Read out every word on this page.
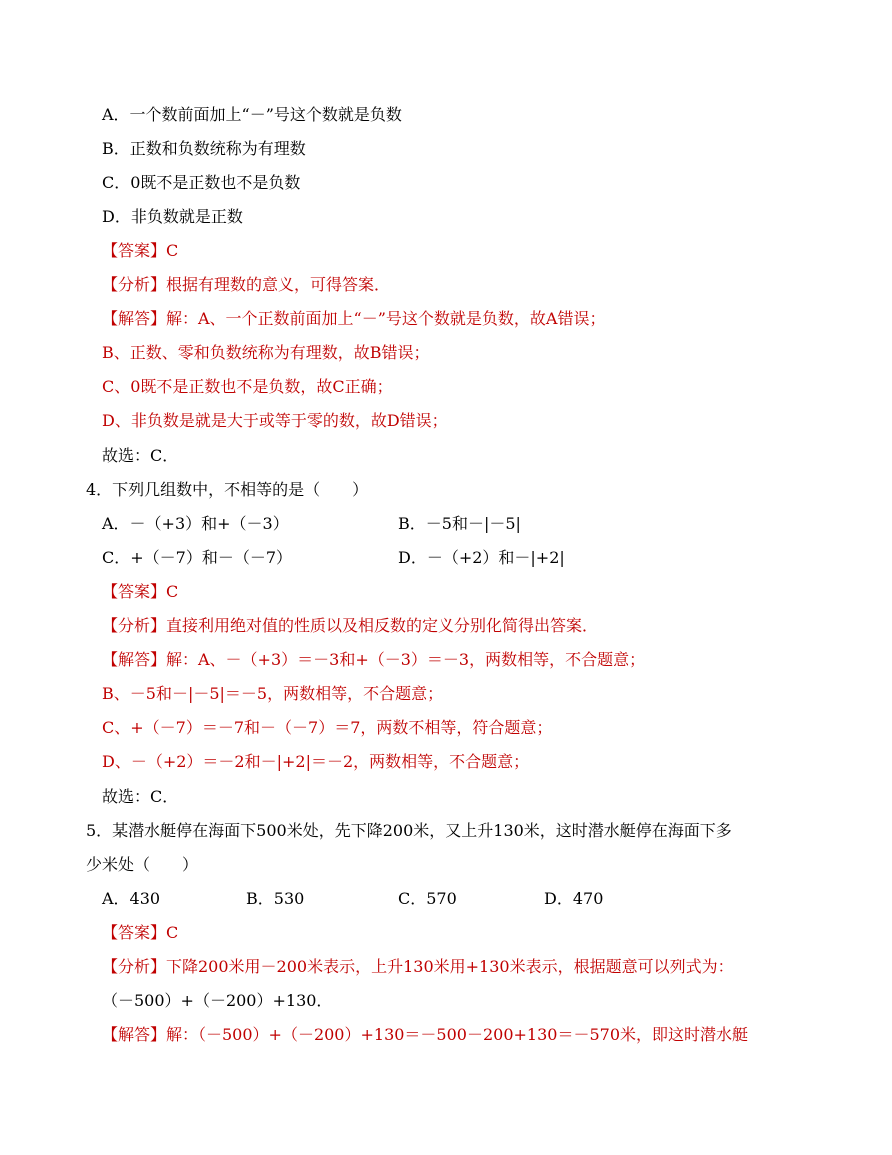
A．一个数前面加上“－”号这个数就是负数
B．正数和负数统称为有理数
C．0既不是正数也不是负数
D．非负数就是正数
【答案】C
【分析】根据有理数的意义，可得答案．
【解答】解：A、一个正数前面加上“－”号这个数就是负数，故A错误；
B、正数、零和负数统称为有理数，故B错误；
C、0既不是正数也不是负数，故C正确；
D、非负数是就是大于或等于零的数，故D错误；
故选：C．
4．下列几组数中，不相等的是（　　）
A．－（+3）和+（－3）	B．－5和－|－5|
C．+（－7）和－（－7）	D．－（+2）和－|+2|
【答案】C
【分析】直接利用绝对值的性质以及相反数的定义分别化简得出答案．
【解答】解：A、－（+3）＝－3和+（－3）＝－3，两数相等，不合题意；
B、－5和－|－5|＝－5，两数相等，不合题意；
C、+（－7）＝－7和－（－7）＝7，两数不相等，符合题意；
D、－（+2）＝－2和－|+2|＝－2，两数相等，不合题意；
故选：C．
5．某潜水艇停在海面下500米处，先下降200米，又上升130米，这时潜水艇停在海面下多
少米处（　　）
A．430	B．530	C．570	D．470
【答案】C
【分析】下降200米用－200米表示，上升130米用+130米表示，根据题意可以列式为：
（－500）+（－200）+130．
【解答】解：（－500）+（－200）+130＝－500－200+130＝－570米，即这时潜水艇
